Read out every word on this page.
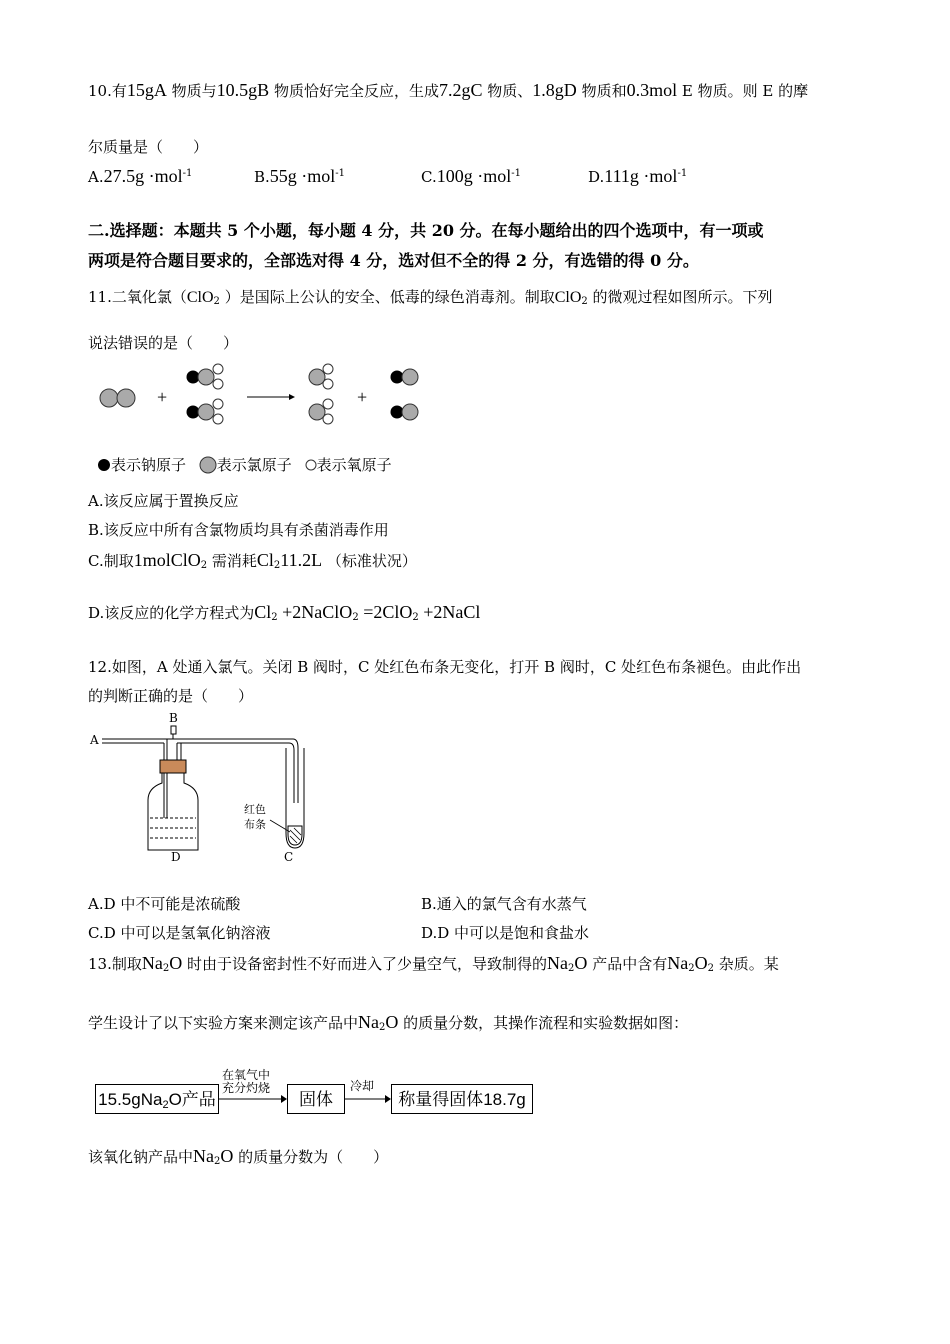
10.有15gA 物质与10.5gB 物质恰好完全反应，生成7.2gC 物质、1.8gD 物质和0.3mol E 物质。则 E 的摩
尔质量是（　　）
A.27.5g ·mol$^{-1}$	B.55g ·mol$^{-1}$	C.100g ·mol$^{-1}$	D.111g ·mol$^{-1}$
二.选择题：本题共 5 个小题，每小题 4 分，共 20 分。在每小题给出的四个选项中，有一项或
两项是符合题目要求的，全部选对得 4 分，选对但不全的得 2 分，有选错的得 0 分。
11.二氧化氯（ClO$_2$ ）是国际上公认的安全、低毒的绿色消毒剂。制取ClO$_2$ 的微观过程如图所示。下列
说法错误的是（　　）
+	+
表示钠原子 表示氯原子 表示氧原子
A.该反应属于置换反应
B.该反应中所有含氯物质均具有杀菌消毒作用
C.制取1molClO$_2$ 需消耗$Cl_211.2L$ （标准状况）
D.该反应的化学方程式为$Cl_2$ +2NaClO$_2$ =2ClO$_2$ +2NaCl
12.如图，A 处通入氯气。关闭 B 阀时，C 处红色布条无变化，打开 B 阀时，C 处红色布条褪色。由此作出
的判断正确的是（　　）
A
B
D	C
红色
布条
A.D 中不可能是浓硫酸	B.通入的氯气含有水蒸气
C.D 中可以是氢氧化钠溶液	D.D 中可以是饱和食盐水
13.制取$Na_2O$ 时由于设备密封性不好而进入了少量空气，导致制得的$Na_2O$ 产品中含有$Na_2O_2$ 杂质。某
学生设计了以下实验方案来测定该产品中$Na_2O$ 的质量分数，其操作流程和实验数据如图：
15.5gNa2O产品
在氧气中
充分灼烧
固体
冷却
称量得固体18.7g
该氧化钠产品中$Na_2O$ 的质量分数为（　　）
